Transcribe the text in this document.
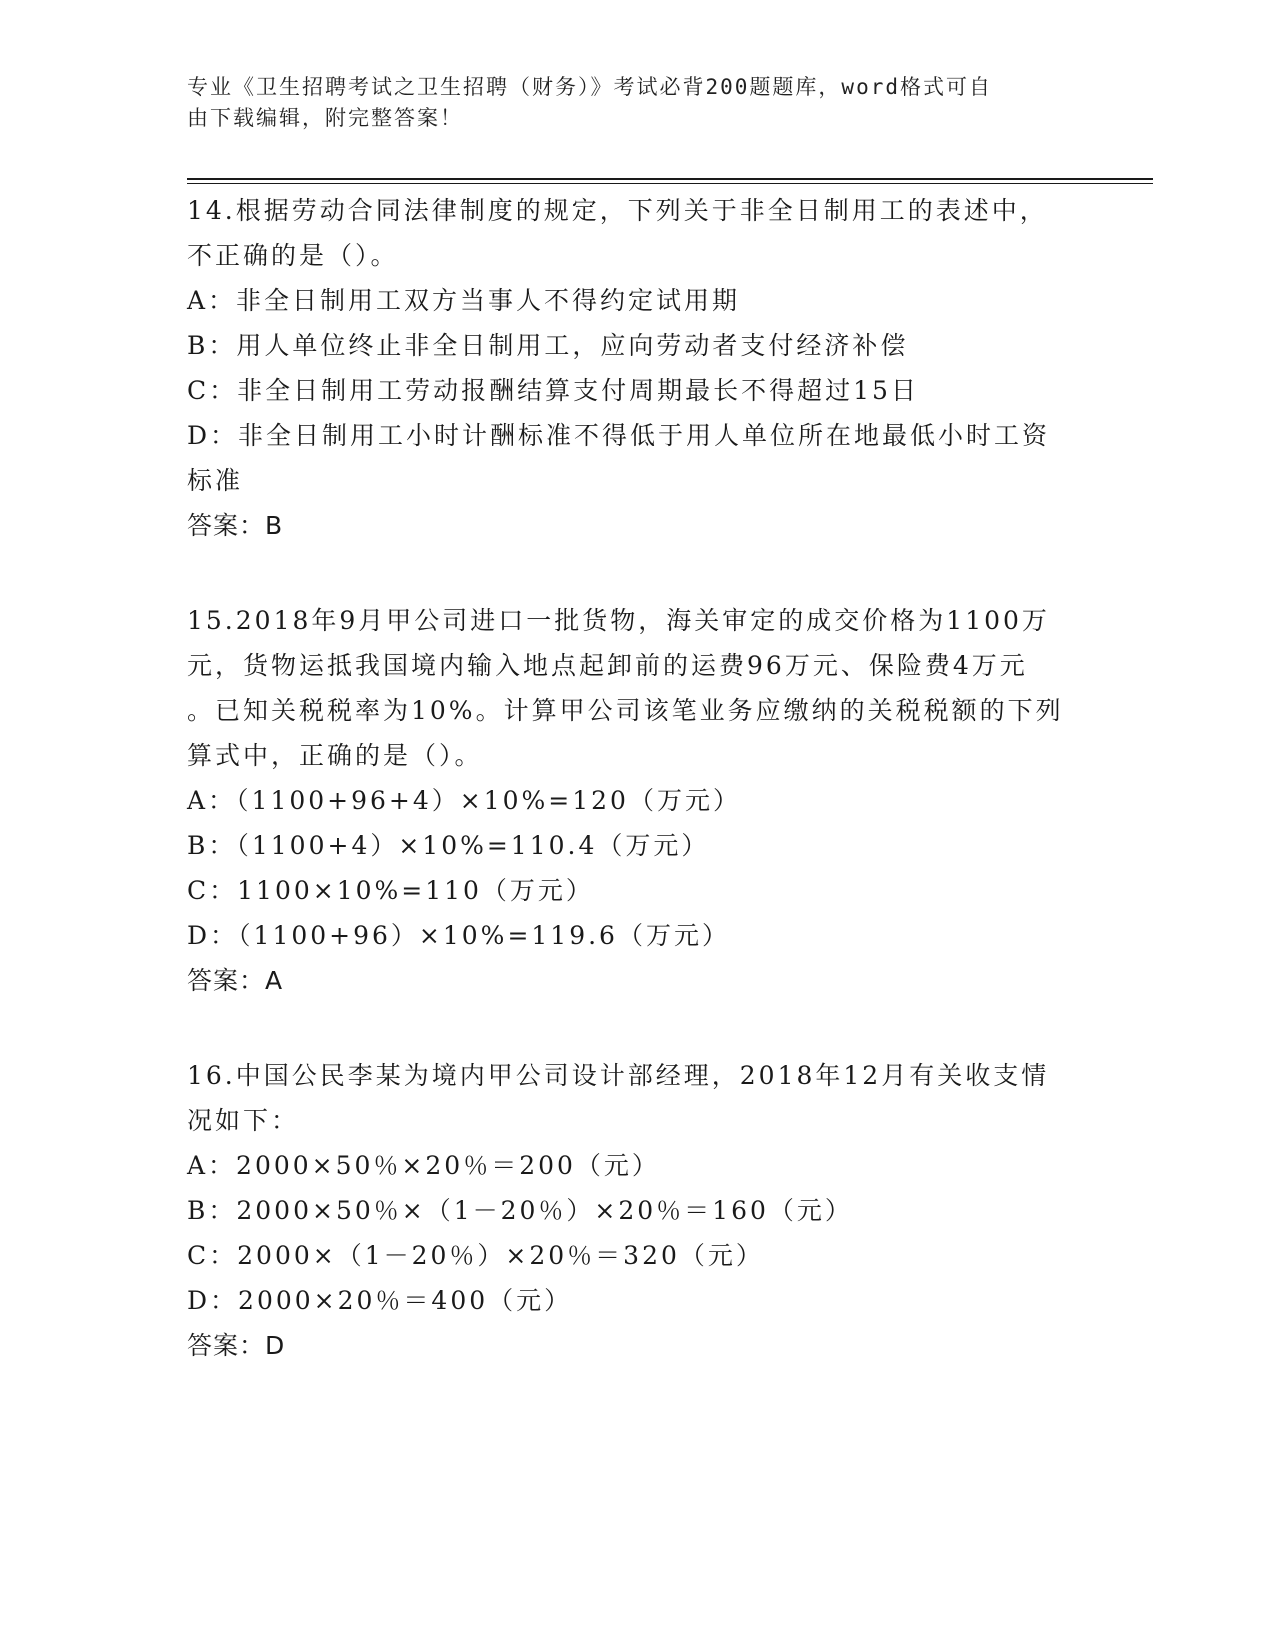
专业《卫生招聘考试之卫生招聘（财务）》考试必背200题题库，word格式可自
由下载编辑，附完整答案！
14.根据劳动合同法律制度的规定，下列关于非全日制用工的表述中，
不正确的是（）。
A：非全日制用工双方当事人不得约定试用期
B：用人单位终止非全日制用工，应向劳动者支付经济补偿
C：非全日制用工劳动报酬结算支付周期最长不得超过15日
D：非全日制用工小时计酬标准不得低于用人单位所在地最低小时工资
标准
答案：B
15.2018年9月甲公司进口一批货物，海关审定的成交价格为1100万
元，货物运抵我国境内输入地点起卸前的运费96万元、保险费4万元
。已知关税税率为10%。计算甲公司该笔业务应缴纳的关税税额的下列
算式中，正确的是（）。
A：（1100+96+4）×10%=120（万元）
B：（1100+4）×10%=110.4（万元）
C：1100×10%=110（万元）
D：（1100+96）×10%=119.6（万元）
答案：A
16.中国公民李某为境内甲公司设计部经理，2018年12月有关收支情
况如下：
A：2000×50％×20％＝200（元）
B：2000×50％×（1－20％）×20％＝160（元）
C：2000×（1－20％）×20％＝320（元）
D：2000×20％＝400（元）
答案：D
